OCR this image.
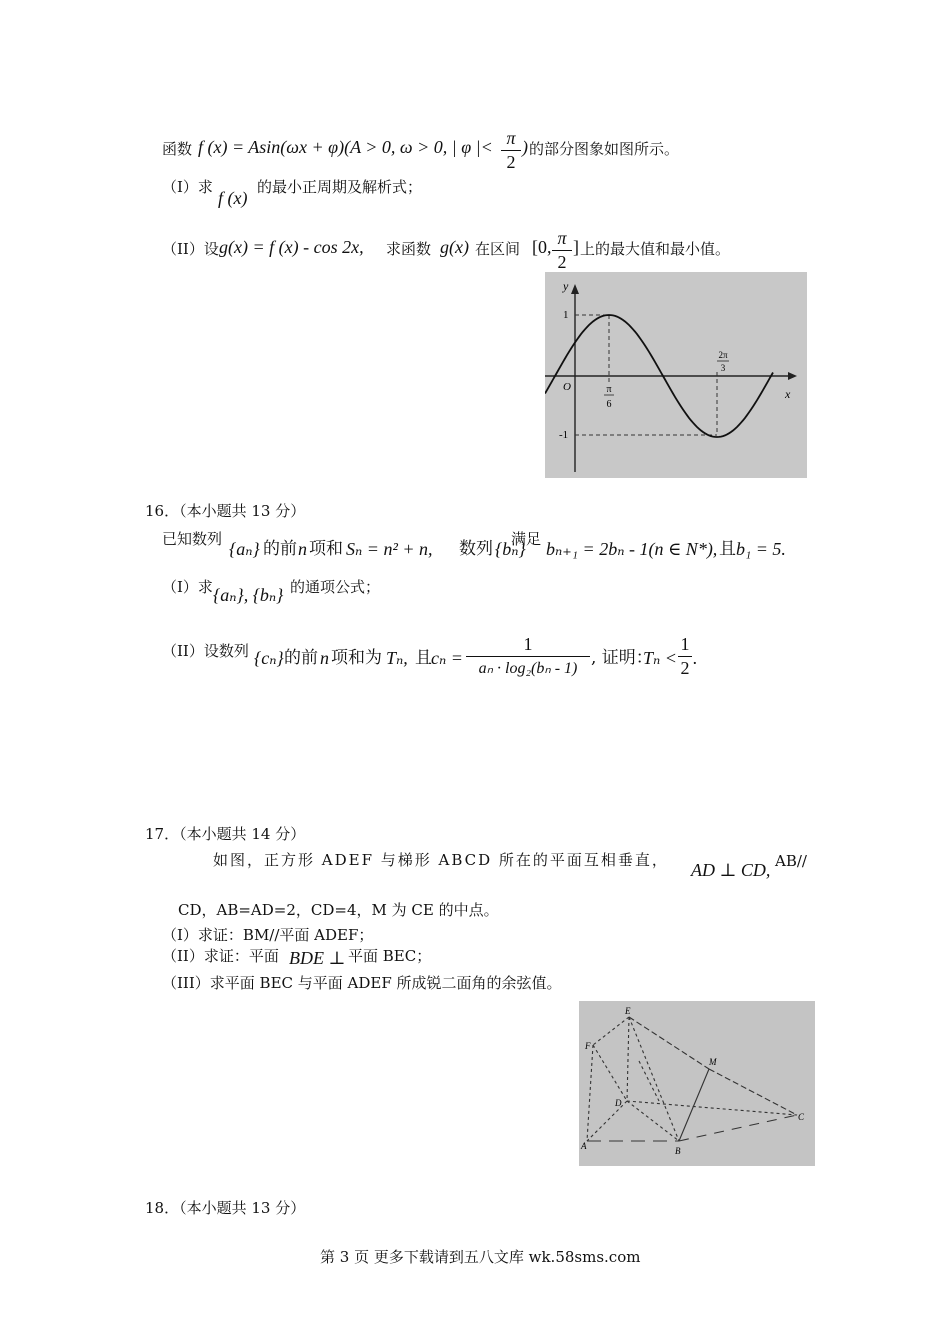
函数 f (x) = Asin(ωx + φ)(A > 0, ω > 0, | φ |< π
2
) 的部分图象如图所示。
（I）求
f (x)
的最小正周期及解析式；
（II）设 g(x) = f (x) - cos 2x, 求函数 g(x) 在区间 [0, π
2
] 上的最大值和最小值。
y
x
O
1
-1
π
6
2π
3
16．（本小题共 13 分）
已知数列 {aₙ} 的前 n 项和 Sₙ = n² + n, 数列 {bₙ}
满足 bₙ₊₁ = 2bₙ - 1(n ∈ N*), 且 b₁ = 5.
（I）求 {aₙ}, {bₙ} 的通项公式；
（II）设数列 {cₙ} 的前 n 项和为 Tₙ, 且 cₙ =
1
aₙ · log₂(bₙ - 1)
, 证明：
Tₙ <
1
2 .
17．（本小题共 14 分）
如图，正方形 ADEF 与梯形 ABCD 所在的平面互相垂直， AD ⊥ CD, AB//
CD，AB=AD=2，CD=4，M 为 CE 的中点。
（I）求证：BM//平面 ADEF；
（II）求证：平面 BDE ⊥ 平面 BEC；
（III）求平面 BEC 与平面 ADEF 所成锐二面角的余弦值。
E
F
M
D
C
A	B
18．（本小题共 13 分）
第 3 页 更多下载请到五八文库 wk.58sms.com
